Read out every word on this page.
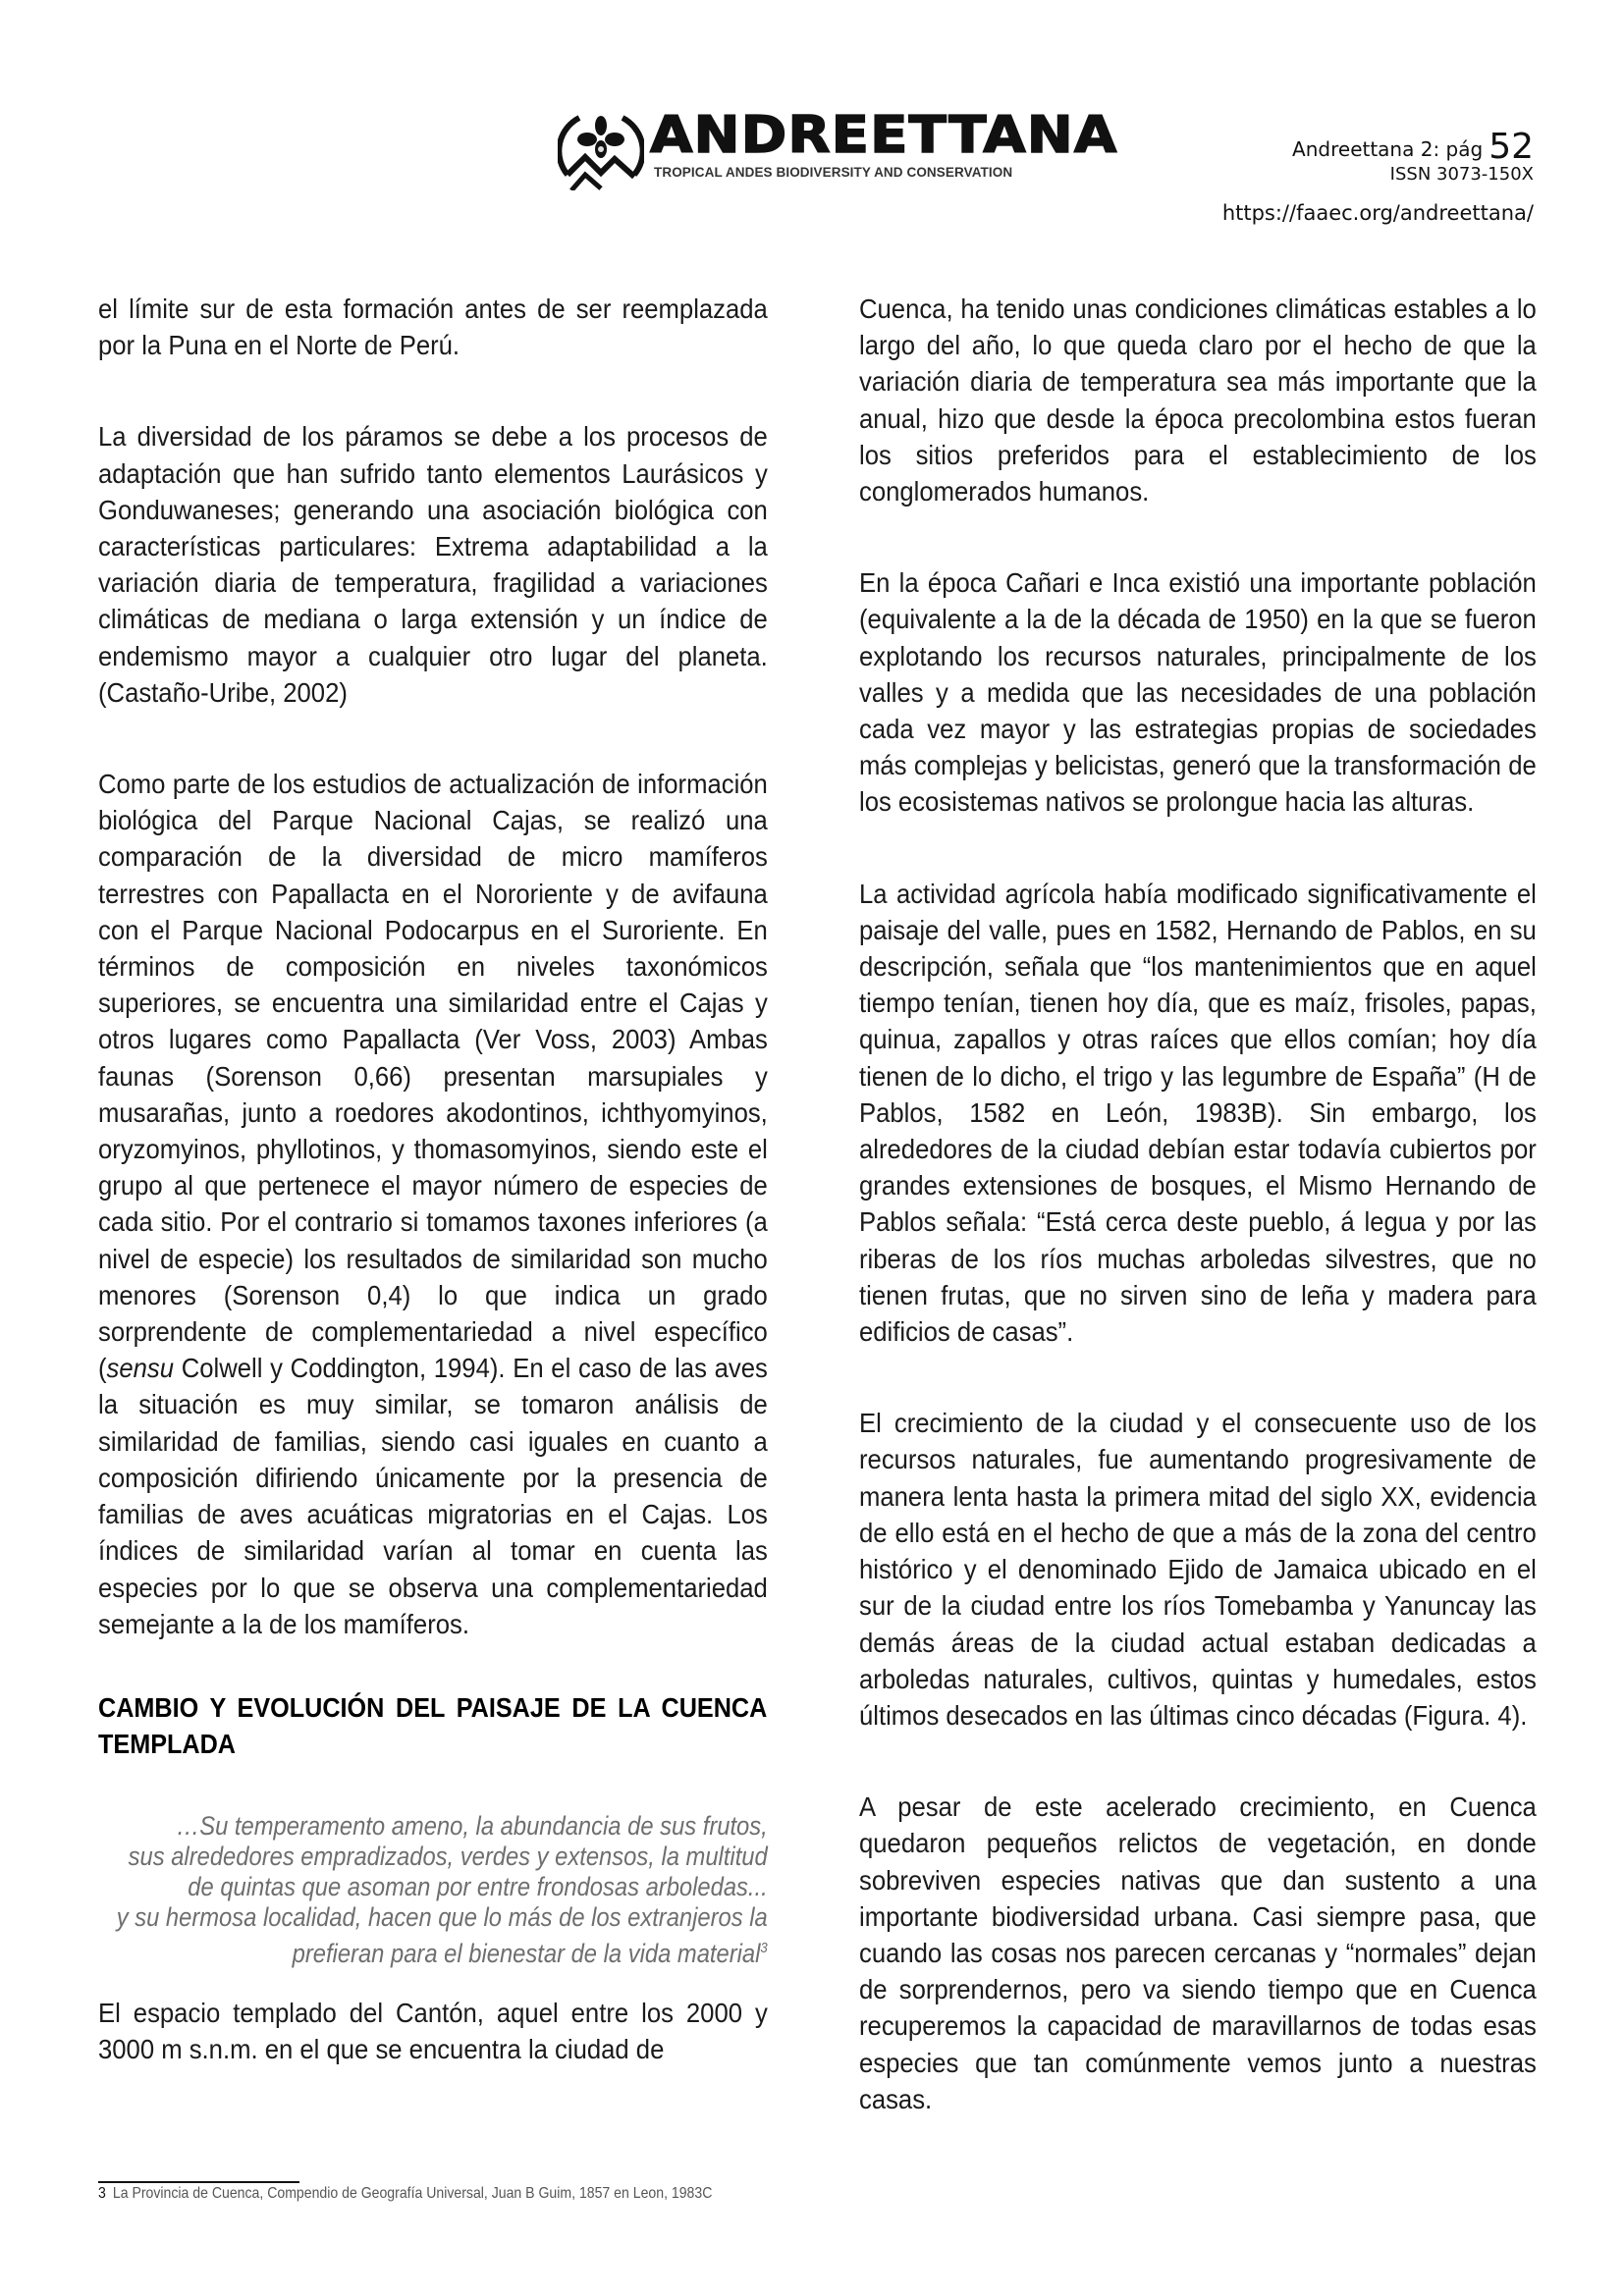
ANDREETTANA
TROPICAL ANDES BIODIVERSITY AND CONSERVATION
Andreettana 2: pág 52
ISSN 3073-150X
https://faaec.org/andreettana/

el límite sur de esta formación antes de ser reemplazada por la Puna en el Norte de Perú.

La diversidad de los páramos se debe a los procesos de adaptación que han sufrido tanto elementos Laurásicos y Gonduwaneses; generando una asociación biológica con características particulares: Extrema adaptabilidad a la variación diaria de temperatura, fragilidad a variaciones climáticas de mediana o larga extensión y un índice de endemismo mayor a cualquier otro lugar del planeta. (Castaño-Uribe, 2002)

Como parte de los estudios de actualización de información biológica del Parque Nacional Cajas, se realizó una comparación de la diversidad de micro mamíferos terrestres con Papallacta en el Nororiente y de avifauna con el Parque Nacional Podocarpus en el Suroriente. En términos de composición en niveles taxonómicos superiores, se encuentra una similaridad entre el Cajas y otros lugares como Papallacta (Ver Voss, 2003) Ambas faunas (Sorenson 0,66) presentan marsupiales y musarañas, junto a roedores akodontinos, ichthyomyinos, oryzomyinos, phyllotinos, y thomasomyinos, siendo este el grupo al que pertenece el mayor número de especies de cada sitio. Por el contrario si tomamos taxones inferiores (a nivel de especie) los resultados de similaridad son mucho menores (Sorenson 0,4) lo que indica un grado sorprendente de complementariedad a nivel específico (sensu Colwell y Coddington, 1994). En el caso de las aves la situación es muy similar, se tomaron análisis de similaridad de familias, siendo casi iguales en cuanto a composición difiriendo únicamente por la presencia de familias de aves acuáticas migratorias en el Cajas. Los índices de similaridad varían al tomar en cuenta las especies por lo que se observa una complementariedad semejante a la de los mamíferos.

CAMBIO Y EVOLUCIÓN DEL PAISAJE DE LA CUENCA TEMPLADA
…Su temperamento ameno, la abundancia de sus frutos,
sus alrededores empradizados, verdes y extensos, la multitud
de quintas que asoman por entre frondosas arboledas...
y su hermosa localidad, hacen que lo más de los extranjeros la
prefieran para el bienestar de la vida material$^3$

El espacio templado del Cantón, aquel entre los 2000 y 3000 m s.n.m. en el que se encuentra la ciudad de

Cuenca, ha tenido unas condiciones climáticas estables a lo largo del año, lo que queda claro por el hecho de que la variación diaria de temperatura sea más importante que la anual, hizo que desde la época precolombina estos fueran los sitios preferidos para el establecimiento de los conglomerados humanos.

En la época Cañari e Inca existió una importante población (equivalente a la de la década de 1950) en la que se fueron explotando los recursos naturales, principalmente de los valles y a medida que las necesidades de una población cada vez mayor y las estrategias propias de sociedades más complejas y belicistas, generó que la transformación de los ecosistemas nativos se prolongue hacia las alturas.

La actividad agrícola había modificado significativamente el paisaje del valle, pues en 1582, Hernando de Pablos, en su descripción, señala que “los mantenimientos que en aquel tiempo tenían, tienen hoy día, que es maíz, frisoles, papas, quinua, zapallos y otras raíces que ellos comían; hoy día tienen de lo dicho, el trigo y las legumbre de España” (H de Pablos, 1582 en León, 1983B). Sin embargo, los alrededores de la ciudad debían estar todavía cubiertos por grandes extensiones de bosques, el Mismo Hernando de Pablos señala: “Está cerca deste pueblo, á legua y por las riberas de los ríos muchas arboledas silvestres, que no tienen frutas, que no sirven sino de leña y madera para edificios de casas”.

El crecimiento de la ciudad y el consecuente uso de los recursos naturales, fue aumentando progresivamente de manera lenta hasta la primera mitad del siglo XX, evidencia de ello está en el hecho de que a más de la zona del centro histórico y el denominado Ejido de Jamaica ubicado en el sur de la ciudad entre los ríos Tomebamba y Yanuncay las demás áreas de la ciudad actual estaban dedicadas a arboledas naturales, cultivos, quintas y humedales, estos últimos desecados en las últimas cinco décadas (Figura. 4).

A pesar de este acelerado crecimiento, en Cuenca quedaron pequeños relictos de vegetación, en donde sobreviven especies nativas que dan sustento a una importante biodiversidad urbana. Casi siempre pasa, que cuando las cosas nos parecen cercanas y “normales” dejan de sorprendernos, pero va siendo tiempo que en Cuenca recuperemos la capacidad de maravillarnos de todas esas especies que tan comúnmente vemos junto a nuestras casas.

3 La Provincia de Cuenca, Compendio de Geografía Universal, Juan B Guim, 1857 en Leon, 1983C
